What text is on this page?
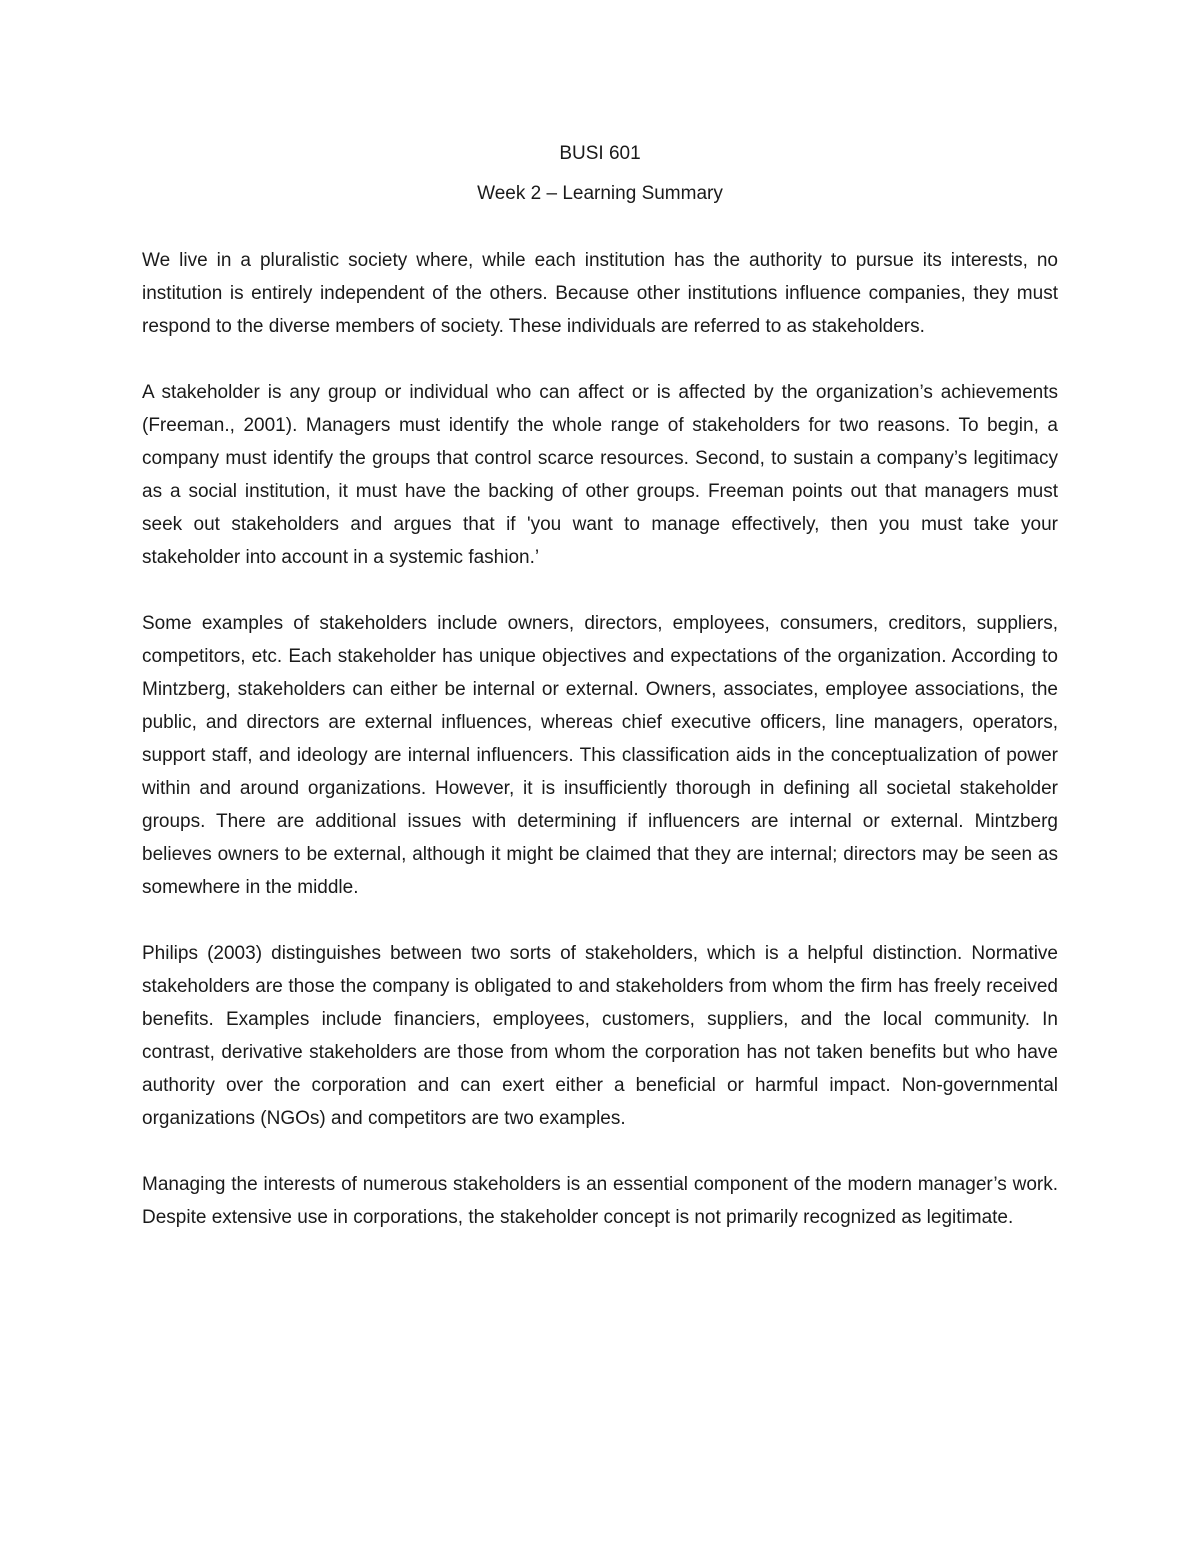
BUSI 601
Week 2 – Learning Summary

We live in a pluralistic society where, while each institution has the authority to pursue its interests, no institution is entirely independent of the others. Because other institutions influence companies, they must respond to the diverse members of society. These individuals are referred to as stakeholders.

A stakeholder is any group or individual who can affect or is affected by the organization’s achievements (Freeman., 2001). Managers must identify the whole range of stakeholders for two reasons. To begin, a company must identify the groups that control scarce resources. Second, to sustain a company’s legitimacy as a social institution, it must have the backing of other groups. Freeman points out that managers must seek out stakeholders and argues that if 'you want to manage effectively, then you must take your stakeholder into account in a systemic fashion.’

Some examples of stakeholders include owners, directors, employees, consumers, creditors, suppliers, competitors, etc. Each stakeholder has unique objectives and expectations of the organization. According to Mintzberg, stakeholders can either be internal or external. Owners, associates, employee associations, the public, and directors are external influences, whereas chief executive officers, line managers, operators, support staff, and ideology are internal influencers. This classification aids in the conceptualization of power within and around organizations. However, it is insufficiently thorough in defining all societal stakeholder groups. There are additional issues with determining if influencers are internal or external. Mintzberg believes owners to be external, although it might be claimed that they are internal; directors may be seen as somewhere in the middle.

Philips (2003) distinguishes between two sorts of stakeholders, which is a helpful distinction. Normative stakeholders are those the company is obligated to and stakeholders from whom the firm has freely received benefits. Examples include financiers, employees, customers, suppliers, and the local community. In contrast, derivative stakeholders are those from whom the corporation has not taken benefits but who have authority over the corporation and can exert either a beneficial or harmful impact. Non-governmental organizations (NGOs) and competitors are two examples.

Managing the interests of numerous stakeholders is an essential component of the modern manager’s work. Despite extensive use in corporations, the stakeholder concept is not primarily recognized as legitimate.
